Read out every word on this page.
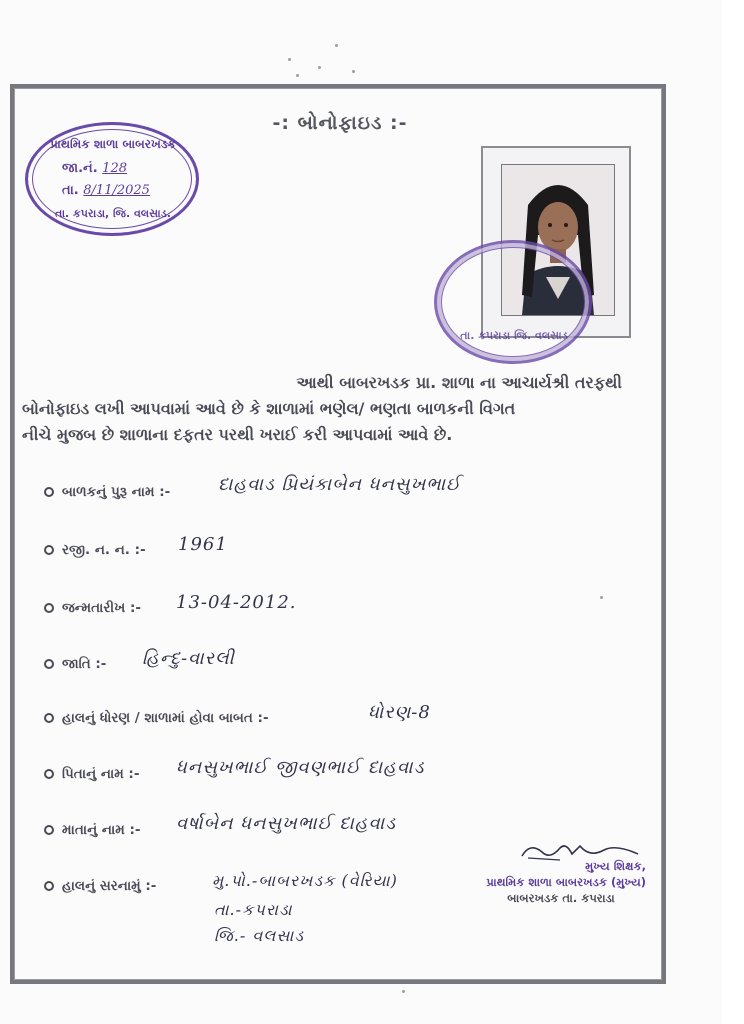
-: બોનોફાઇડ :-
પ્રાથમિક શાળા બાબરખડક
જા.નં. 128
તા. 8/11/2025
તા. કપરાડા, જિ. વલસાડ.
તા. કપરાડા જિ. વલસાડ
આથી બાબરખડક પ્રા. શાળા ના આચાર્યશ્રી તરફથી
બોનોફાઇડ લખી આપવામાં આવે છે કે શાળામાં ભણેલ/ ભણતા બાળકની વિગત
નીચે મુજબ છે શાળાના દફતર પરથી ખરાઈ કરી આપવામાં આવે છે.
બાળકનું પુરૂ નામ :-	દાહવાડ પ્રિયંકાબેન ધનસુખભાઈ
રજી. ન. ન. :- 1961
જન્મતારીખ :- 13-04-2012.
જાતિ :- હિન્દુ-વારલી
હાલનું ધોરણ / શાળામાં હોવા બાબત :-	ધોરણ-8
પિતાનું નામ :- ધનસુખભાઈ જીવણભાઈ દાહવાડ
માતાનું નામ :- વર્ષાબેન ધનસુખભાઈ દાહવાડ
હાલનું સરનામું :-	મુ.પો.-બાબરખડક (વેરિયા)
તા.-કપરાડા
જિ.- વલસાડ
મુખ્ય શિક્ષક,
પ્રાથમિક શાળા બાબરખડક (મુખ્ય)
બાબરખડક તા. કપરાડા
